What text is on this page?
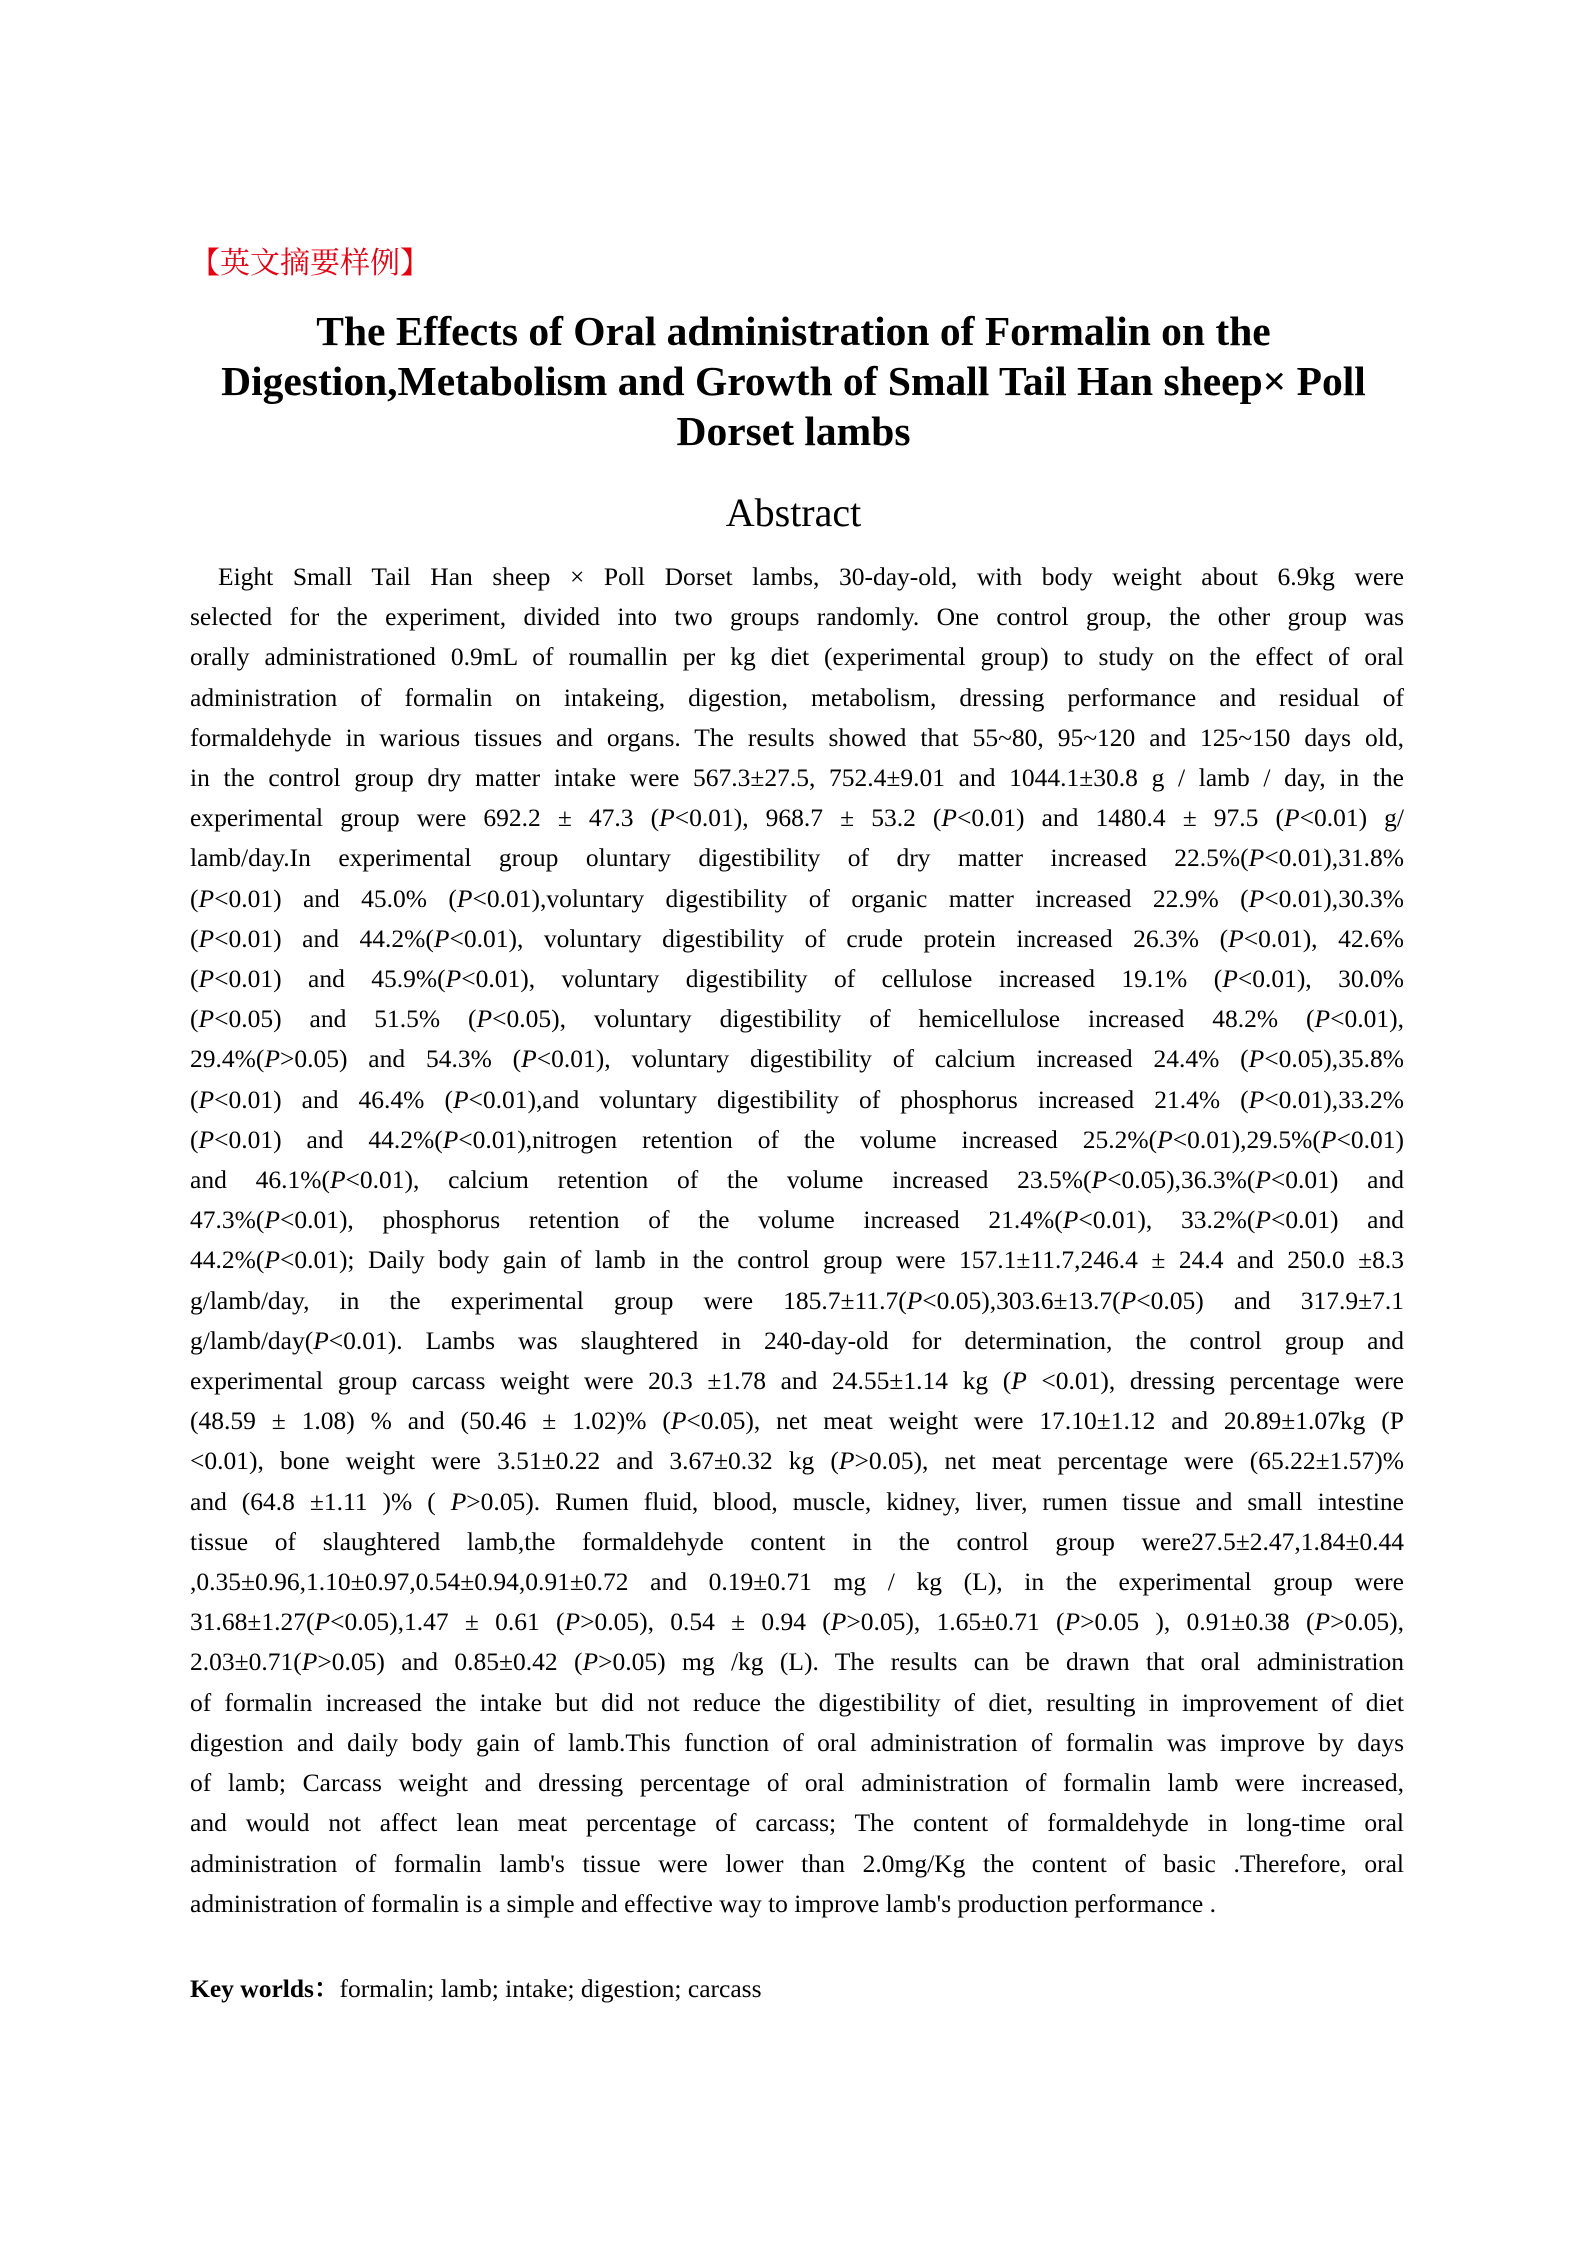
【英文摘要样例】
The Effects of Oral administration of Formalin on the
Digestion,Metabolism and Growth of Small Tail Han sheep× Poll
Dorset lambs
Abstract
Eight Small Tail Han sheep × Poll Dorset lambs, 30-day-old, with body weight about 6.9kg were
selected for the experiment, divided into two groups randomly. One control group, the other group was
orally administrationed 0.9mL of roumallin per kg diet (experimental group) to study on the effect of oral
administration of formalin on intakeing, digestion, metabolism, dressing performance and residual of
formaldehyde in warious tissues and organs. The results showed that 55~80, 95~120 and 125~150 days old,
in the control group dry matter intake were 567.3±27.5, 752.4±9.01 and 1044.1±30.8 g / lamb / day, in the
experimental group were 692.2 ± 47.3 (P<0.01), 968.7 ± 53.2 (P<0.01) and 1480.4 ± 97.5 (P<0.01) g/
lamb/day.In experimental group oluntary digestibility of dry matter increased 22.5%(P<0.01),31.8%
(P<0.01) and 45.0% (P<0.01),voluntary digestibility of organic matter increased 22.9% (P<0.01),30.3%
(P<0.01) and 44.2%(P<0.01), voluntary digestibility of crude protein increased 26.3% (P<0.01), 42.6%
(P<0.01) and 45.9%(P<0.01), voluntary digestibility of cellulose increased 19.1% (P<0.01), 30.0%
(P<0.05) and 51.5% (P<0.05), voluntary digestibility of hemicellulose increased 48.2% (P<0.01),
29.4%(P>0.05) and 54.3% (P<0.01), voluntary digestibility of calcium increased 24.4% (P<0.05),35.8%
(P<0.01) and 46.4% (P<0.01),and voluntary digestibility of phosphorus increased 21.4% (P<0.01),33.2%
(P<0.01) and 44.2%(P<0.01),nitrogen retention of the volume increased 25.2%(P<0.01),29.5%(P<0.01)
and 46.1%(P<0.01), calcium retention of the volume increased 23.5%(P<0.05),36.3%(P<0.01) and
47.3%(P<0.01), phosphorus retention of the volume increased 21.4%(P<0.01), 33.2%(P<0.01) and
44.2%(P<0.01); Daily body gain of lamb in the control group were 157.1±11.7,246.4 ± 24.4 and 250.0 ±8.3
g/lamb/day, in the experimental group were 185.7±11.7(P<0.05),303.6±13.7(P<0.05) and 317.9±7.1
g/lamb/day(P<0.01). Lambs was slaughtered in 240-day-old for determination, the control group and
experimental group carcass weight were 20.3 ±1.78 and 24.55±1.14 kg (P <0.01), dressing percentage were
(48.59 ± 1.08) % and (50.46 ± 1.02)% (P<0.05), net meat weight were 17.10±1.12 and 20.89±1.07kg (P
<0.01), bone weight were 3.51±0.22 and 3.67±0.32 kg (P>0.05), net meat percentage were (65.22±1.57)%
and (64.8 ±1.11 )% ( P>0.05). Rumen fluid, blood, muscle, kidney, liver, rumen tissue and small intestine
tissue of slaughtered lamb,the formaldehyde content in the control group were27.5±2.47,1.84±0.44
,0.35±0.96,1.10±0.97,0.54±0.94,0.91±0.72 and 0.19±0.71 mg / kg (L), in the experimental group were
31.68±1.27(P<0.05),1.47 ± 0.61 (P>0.05), 0.54 ± 0.94 (P>0.05), 1.65±0.71 (P>0.05 ), 0.91±0.38 (P>0.05),
2.03±0.71(P>0.05) and 0.85±0.42 (P>0.05) mg /kg (L). The results can be drawn that oral administration
of formalin increased the intake but did not reduce the digestibility of diet, resulting in improvement of diet
digestion and daily body gain of lamb.This function of oral administration of formalin was improve by days
of lamb; Carcass weight and dressing percentage of oral administration of formalin lamb were increased,
and would not affect lean meat percentage of carcass; The content of formaldehyde in long-time oral
administration of formalin lamb's tissue were lower than 2.0mg/Kg the content of basic .Therefore, oral
administration of formalin is a simple and effective way to improve lamb's production performance .

Key worlds：formalin; lamb; intake; digestion; carcass
